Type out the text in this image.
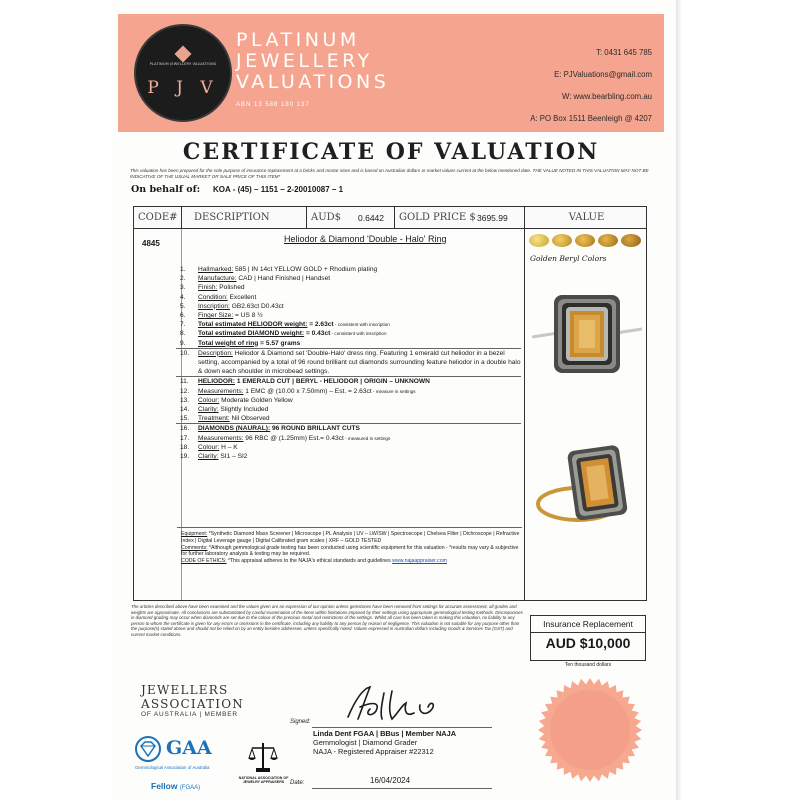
PLATINUM JEWELLERY VALUATIONS
P J V
PLATINUM
JEWELLERY
VALUATIONS
ABN 13 588 180 137
T: 0431 645 785
E: PJValuations@gmail.com
W: www.bearbling.com.au
A: PO Box 1511 Beenleigh @ 4207
CERTIFICATE OF VALUATION
This valuation has been prepared for the sole purpose of insurance replacement at a bricks and mortar store and is based on Australian dollars or market values current at the below mentioned date. THE VALUE NOTED IN THIS VALUATION MAY NOT BE INDICATIVE OF THE USUAL MARKET OR SALE PRICE OF THIS ITEM*
On behalf of: KOA - (45) – 1151 – 2-20010087 – 1
CODE# DESCRIPTION	AUD$ 0.6442 GOLD PRICE $ 3695.99	VALUE
4845	Heliodor & Diamond 'Double - Halo' Ring
1. Hallmarked: 585 | IN 14ct YELLOW GOLD + Rhodium plating
2. Manufacture: CAD | Hand Finished | Handset
3. Finish: Polished
4. Condition: Excellent
5. Inscription: GB2.63ct D0.43ct
6. Finger Size: = US 8 ½
7. Total estimated HELIODOR weight: = 2.63ct - consistent with inscription
8. Total estimated DIAMOND weight: = 0.43ct - consistent with inscription
9. Total weight of ring = 5.57 grams
10. Description: Heliodor & Diamond set 'Double-Halo' dress ring. Featuring 1 emerald cut heliodor in a bezel setting, accompanied by a total of 96 round brilliant cut diamonds surrounding feature heliodor in a double halo & down each shoulder in microbead settings.
11. HELIODOR: 1 EMERALD CUT | BERYL - HELIODOR | ORIGIN – UNKNOWN
12. Measurements: 1 EMC @ (10.00 x 7.50mm) – Est. = 2.63ct - measure in settings
13. Colour: Moderate Golden Yellow
14. Clarity: Slightly Included
15. Treatment: Nil Observed
16. DIAMONDS (NAURAL): 96 ROUND BRILLANT CUTS
17. Measurements: 96 RBC @ (1.25mm) Est.= 0.43ct - measured in settings
18. Colour: H – K
19. Clarity: SI1 – SI2
Equipment: *Synthetic Diamond Mass Screener | Microscope | PL Analysis | UV – LW/SW | Spectroscope | Chelsea Filter | Dichroscope | Refractive Index | Digital Leverage gauge | Digital Calibrated gram scales | XRF – GOLD TESTED
Comments: *Although gemmological grade testing has been conducted using scientific equipment for this valuation - *results may vary & subjective for further laboratory analysis & testing may be required.
CODE OF ETHICS: *This appraisal adheres to the NAJA's ethical standards and guidelines www.najaappraiser.com
Golden Beryl Colors
The articles described above have been examined and the values given are an expression of our opinion unless gemstones have been removed from settings for accurate assessment, all grades and weights are approximate. All conclusions are substantiated by careful examination of the items within limitations imposed by their settings using appropriate gemmological testing methods. Discrepancies in diamond grading may occur when diamonds are set due to the colour of the precious metal and restrictions of the settings. Whilst all care has been taken in making this valuation, no liability to any person to whom the certificate is given for any errors or omissions in the certificate, including any liability to any person by reason of negligence. This valuation is not suitable for any purpose other than the purpose(s) stated above and should not be relied on by an entity besides addressee, unless specifically noted. Values expressed in Australian dollars including Goods & Services Tax (GST) and current market conditions.
Insurance Replacement
AUD $10,000
Ten thousand dollars
JEWELLERS
ASSOCIATION
OF AUSTRALIA | MEMBER
GAA
Gemmological Association of Australia
Fellow (FGAA)
NATIONAL ASSOCIATION OF JEWELRY APPRAISERS
Signed:
Linda Dent FGAA | BBus | Member NAJA
Gemmologist | Diamond Grader
NAJA - Registered Appraiser #22312
Date:	16/04/2024
